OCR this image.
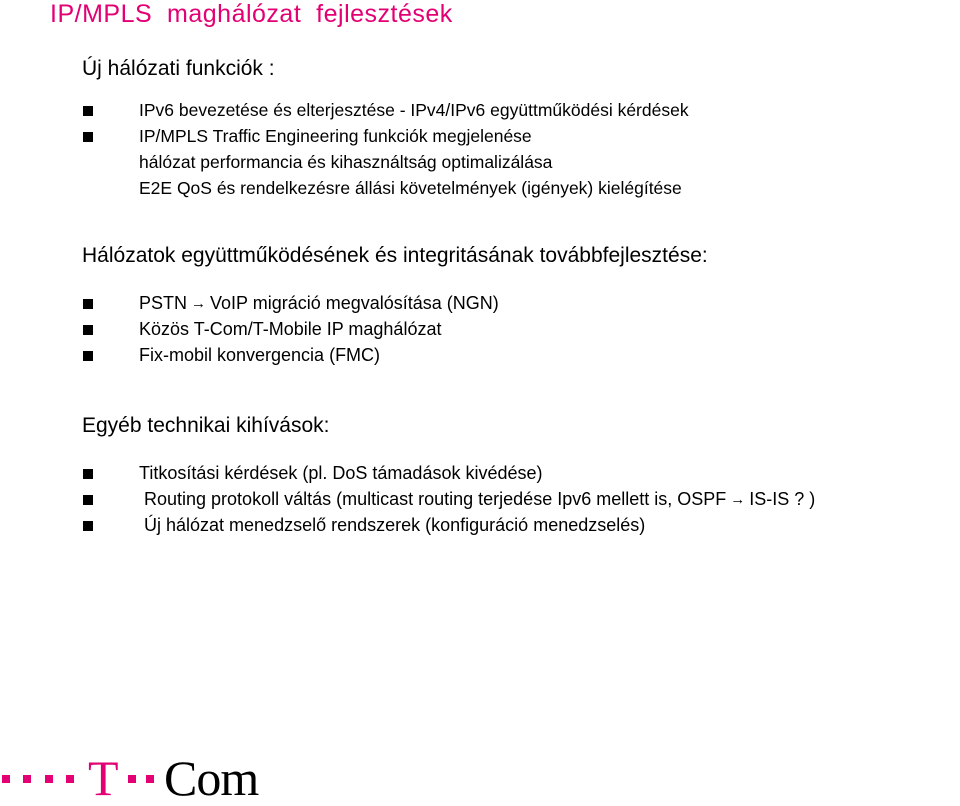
IP/MPLS  maghálózat  fejlesztések
Új hálózati funkciók :
IPv6 bevezetése és elterjesztése - IPv4/IPv6 együttműködési kérdések
IP/MPLS Traffic Engineering funkciók megjelenése
hálózat performancia és kihasználtság optimalizálása
E2E QoS és rendelkezésre állási követelmények (igények) kielégítése
Hálózatok együttműködésének és integritásának továbbfejlesztése:
PSTN → VoIP migráció megvalósítása (NGN)
Közös T-Com/T-Mobile IP maghálózat
Fix-mobil konvergencia (FMC)
Egyéb technikai kihívások:
Titkosítási kérdések (pl. DoS támadások kivédése)
Routing protokoll váltás (multicast routing terjedése Ipv6 mellett is, OSPF → IS-IS ? )
Új hálózat menedzselő rendszerek (konfiguráció menedzselés)
T Com
